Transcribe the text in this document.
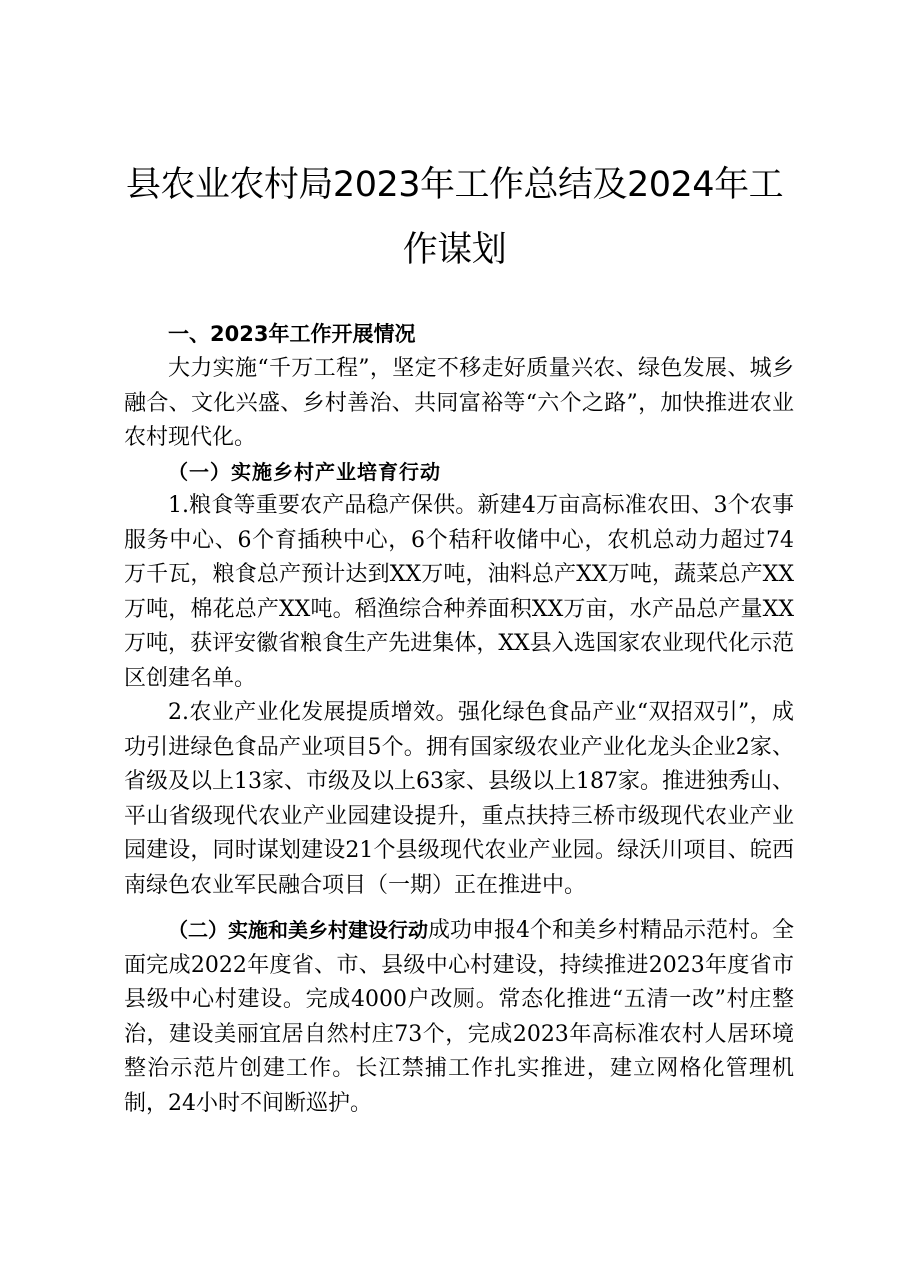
县农业农村局2023年工作总结及2024年工
作谋划
一、2023年工作开展情况
大力实施“千万工程”，坚定不移走好质量兴农、绿色发展、城乡融合、文化兴盛、乡村善治、共同富裕等“六个之路”，加快推进农业农村现代化。
（一）实施乡村产业培育行动
1.粮食等重要农产品稳产保供。新建4万亩高标准农田、3个农事服务中心、6个育插秧中心，6个秸秆收储中心，农机总动力超过74万千瓦，粮食总产预计达到XX万吨，油料总产XX万吨，蔬菜总产XX万吨，棉花总产XX吨。稻渔综合种养面积XX万亩，水产品总产量XX万吨，获评安徽省粮食生产先进集体，XX县入选国家农业现代化示范区创建名单。
2.农业产业化发展提质增效。强化绿色食品产业“双招双引”，成功引进绿色食品产业项目5个。拥有国家级农业产业化龙头企业2家、省级及以上13家、市级及以上63家、县级以上187家。推进独秀山、平山省级现代农业产业园建设提升，重点扶持三桥市级现代农业产业园建设，同时谋划建设21个县级现代农业产业园。绿沃川项目、皖西南绿色农业军民融合项目（一期）正在推进中。
（二）实施和美乡村建设行动成功申报4个和美乡村精品示范村。全面完成2022年度省、市、县级中心村建设，持续推进2023年度省市县级中心村建设。完成4000户改厕。常态化推进“五清一改”村庄整治，建设美丽宜居自然村庄73个，完成2023年高标准农村人居环境整治示范片创建工作。长江禁捕工作扎实推进，建立网格化管理机制，24小时不间断巡护。
